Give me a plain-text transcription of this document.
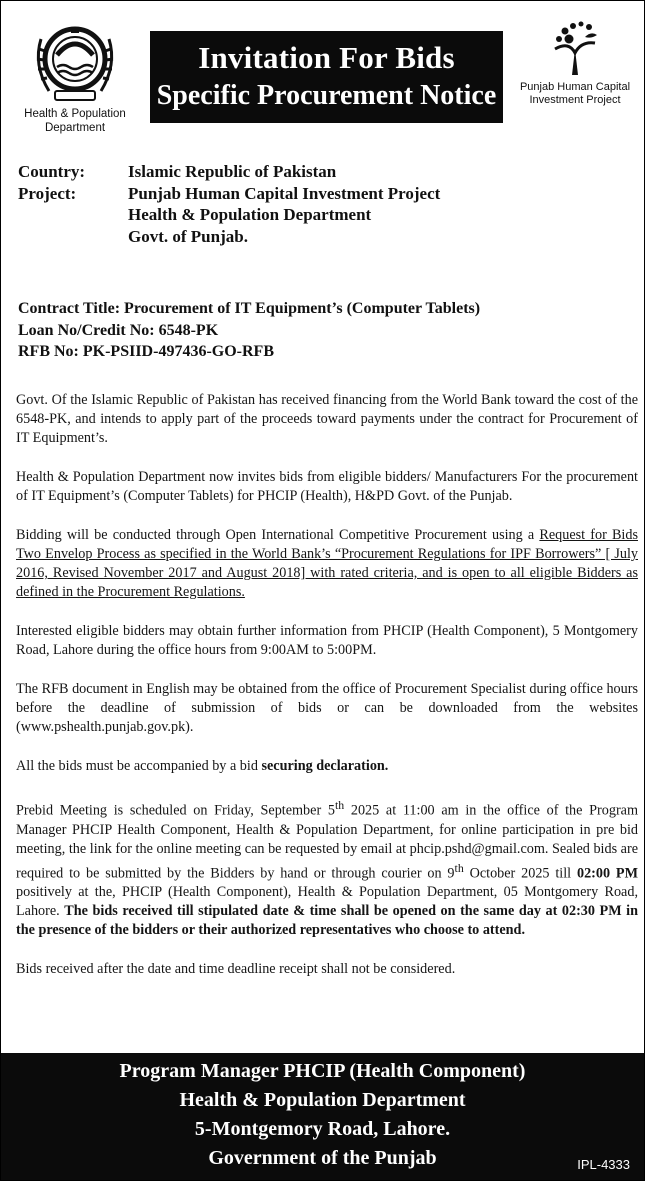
Health & Population
Department
Invitation For Bids
Specific Procurement Notice	Punjab Human Capital
Investment Project
Country:	Islamic Republic of Pakistan
Project:	Punjab Human Capital Investment Project
Health & Population Department
Govt. of Punjab.
Contract Title: Procurement of IT Equipment’s (Computer Tablets)
Loan No/Credit No: 6548-PK
RFB No: PK-PSIID-497436-GO-RFB

Govt. Of the Islamic Republic of Pakistan has received financing from the World Bank toward the cost of the 6548-PK, and intends to apply part of the proceeds toward payments under the contract for Procurement of IT Equipment’s.

Health & Population Department now invites bids from eligible bidders/ Manufacturers For the procurement of IT Equipment’s (Computer Tablets) for PHCIP (Health), H&PD Govt. of the Punjab.

Bidding will be conducted through Open International Competitive Procurement using a Request for Bids Two Envelop Process as specified in the World Bank’s “Procurement Regulations for IPF Borrowers” [ July 2016, Revised November 2017 and August 2018] with rated criteria, and is open to all eligible Bidders as defined in the Procurement Regulations.

Interested eligible bidders may obtain further information from PHCIP (Health Component), 5 Montgomery Road, Lahore during the office hours from 9:00AM to 5:00PM.

The RFB document in English may be obtained from the office of Procurement Specialist during office hours before the deadline of submission of bids or can be downloaded from the websites (www.pshealth.punjab.gov.pk).

All the bids must be accompanied by a bid securing declaration.

Prebid Meeting is scheduled on Friday, September 5th 2025 at 11:00 am in the office of the Program Manager PHCIP Health Component, Health & Population Department, for online participation in pre bid meeting, the link for the online meeting can be requested by email at phcip.pshd@gmail.com. Sealed bids are required to be submitted by the Bidders by hand or through courier on 9th October 2025 till 02:00 PM positively at the, PHCIP (Health Component), Health & Population Department, 05 Montgomery Road, Lahore. The bids received till stipulated date & time shall be opened on the same day at 02:30 PM in the presence of the bidders or their authorized representatives who choose to attend.

Bids received after the date and time deadline receipt shall not be considered.

Program Manager PHCIP (Health Component)
Health & Population Department
5-Montgemory Road, Lahore.
Government of the Punjab	IPL-4333
